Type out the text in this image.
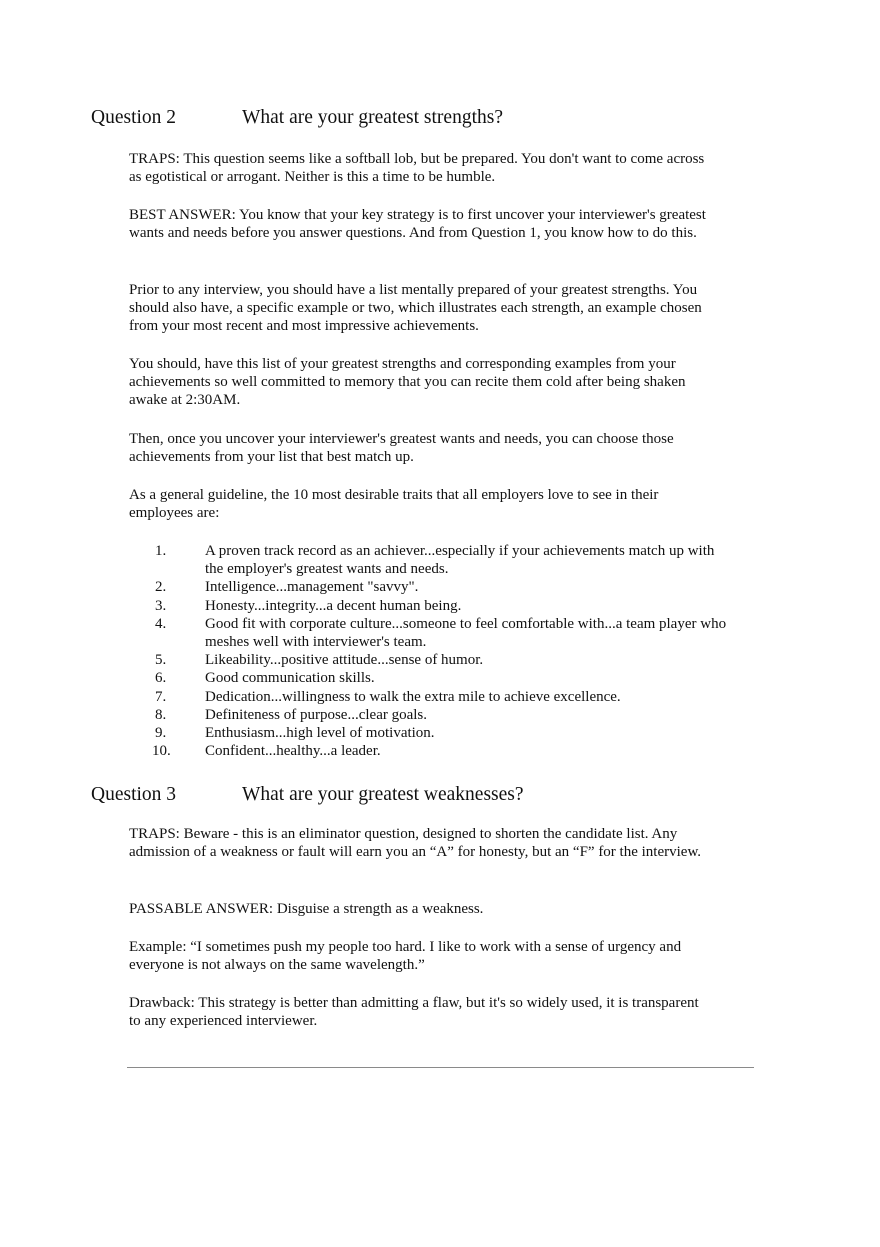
Question 2	What are your greatest strengths?

TRAPS: This question seems like a softball lob, but be prepared. You don't want to come across as egotistical or arrogant. Neither is this a time to be humble.

BEST ANSWER: You know that your key strategy is to first uncover your interviewer's greatest wants and needs before you answer questions. And from Question 1, you know how to do this.

Prior to any interview, you should have a list mentally prepared of your greatest strengths. You should also have, a specific example or two, which illustrates each strength, an example chosen from your most recent and most impressive achievements.

You should, have this list of your greatest strengths and corresponding examples from your achievements so well committed to memory that you can recite them cold after being shaken awake at 2:30AM.

Then, once you uncover your interviewer's greatest wants and needs, you can choose those achievements from your list that best match up.

As a general guideline, the 10 most desirable traits that all employers love to see in their employees are:

1.	A proven track record as an achiever...especially if your achievements match up with the employer's greatest wants and needs.
2.	Intelligence...management "savvy".
3.	Honesty...integrity...a decent human being.
4.	Good fit with corporate culture...someone to feel comfortable with...a team player who meshes well with interviewer's team.
5.	Likeability...positive attitude...sense of humor.
6.	Good communication skills.
7.	Dedication...willingness to walk the extra mile to achieve excellence.
8.	Definiteness of purpose...clear goals.
9.	Enthusiasm...high level of motivation.
10. Confident...healthy...a leader.
Question 3	What are your greatest weaknesses?

TRAPS: Beware - this is an eliminator question, designed to shorten the candidate list. Any admission of a weakness or fault will earn you an “A” for honesty, but an “F” for the interview.

PASSABLE ANSWER: Disguise a strength as a weakness.

Example: “I sometimes push my people too hard. I like to work with a sense of urgency and everyone is not always on the same wavelength.”

Drawback: This strategy is better than admitting a flaw, but it's so widely used, it is transparent to any experienced interviewer.
